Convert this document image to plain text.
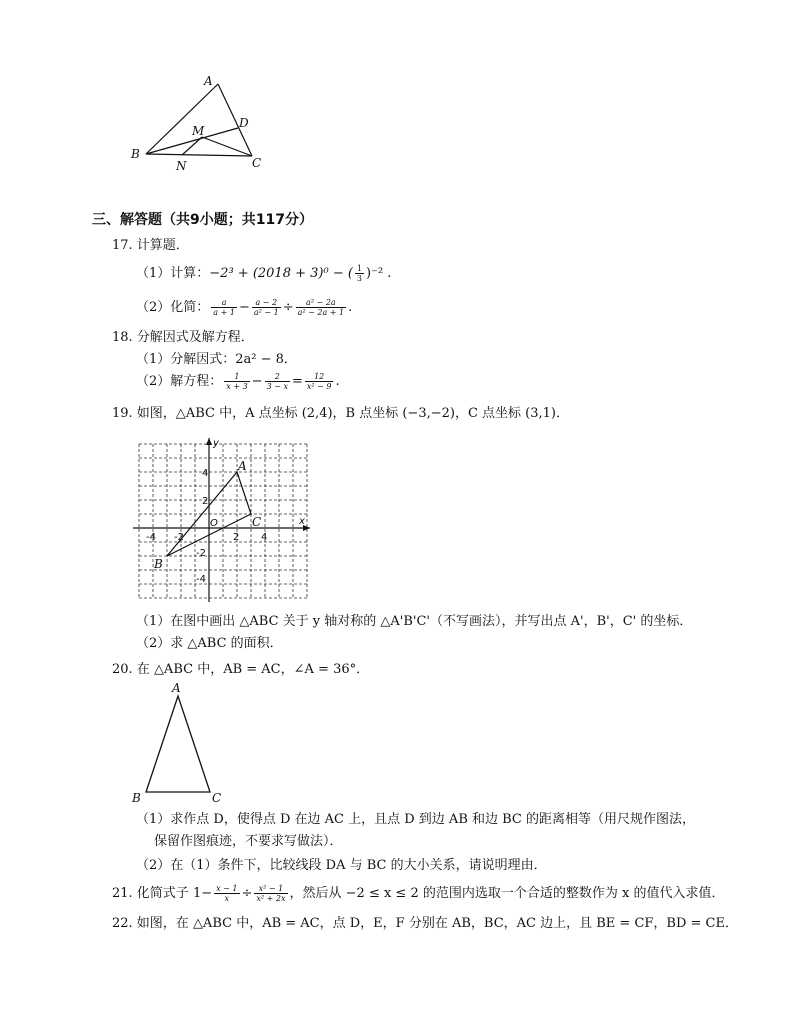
A
B
C
D
M
N
三、解答题（共9小题；共117分）
17. 计算题．
（1）计算：−2³ + (2018 + 3)⁰ − ( $\frac{1}{3} )^{-2}$ .
（2）化简： $\frac{a}{a + 1} - \frac{a - 2}{\text{a² − 1}} \div \frac{\text{a² − 2a}}{\text{a² − 2a + 1}}$ .
18. 分解因式及解方程．
（1）分解因式：2a² − 8．
（2）解方程： $\frac{1}{x + 3} - \frac{2}{3 - x} = \frac{12}{\text{x² − 9}}$ .
19. 如图，△ABC 中，A 点坐标 (2,4)，B 点坐标 (−3,−2)，C 点坐标 (3,1)．
x
y
O
4
2
-4 -2	2 4
-2
-4
A
B
C
（1）在图中画出 △ABC 关于 y 轴对称的 △A'B'C'（不写画法），并写出点 A'，B'，C' 的坐标．
（2）求 △ABC 的面积．
20. 在 △ABC 中，AB = AC，∠A = 36°．
A
B	C
（1）求作点 D，使得点 D 在边 AC 上，且点 D 到边 AB 和边 BC 的距离相等（用尺规作图法，
保留作图痕迹，不要求写做法）．
（2）在（1）条件下，比较线段 DA 与 BC 的大小关系，请说明理由．
21. 化简式子 $1- \frac{x - 1}{x} \div \frac{\text{x² − 1}}{\text{x² + 2x}}$ ，然后从 −2 ≤ x ≤ 2 的范围内选取一个合适的整数作为 x 的值代入求值．
22. 如图，在 △ABC 中，AB = AC，点 D，E，F 分别在 AB，BC，AC 边上，且 BE = CF，BD = CE．
